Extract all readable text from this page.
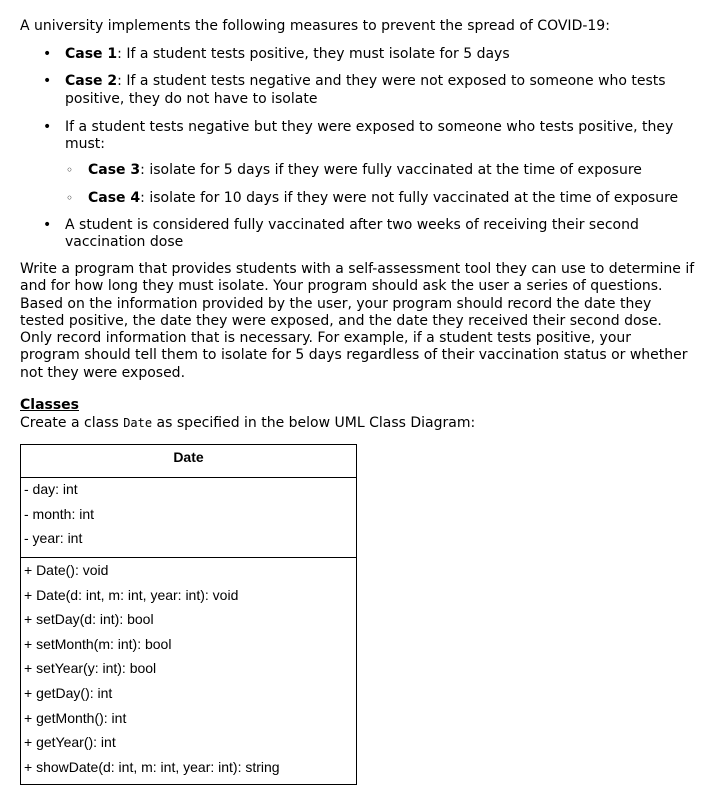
A university implements the following measures to prevent the spread of COVID-19:
• Case 1: If a student tests positive, they must isolate for 5 days
• Case 2: If a student tests negative and they were not exposed to someone who tests
positive, they do not have to isolate
• If a student tests negative but they were exposed to someone who tests positive, they
must:
◦ Case 3: isolate for 5 days if they were fully vaccinated at the time of exposure
◦ Case 4: isolate for 10 days if they were not fully vaccinated at the time of exposure
• A student is considered fully vaccinated after two weeks of receiving their second
vaccination dose
Write a program that provides students with a self-assessment tool they can use to determine if and for how long they must isolate. Your program should ask the user a series of questions. Based on the information provided by the user, your program should record the date they tested positive, the date they were exposed, and the date they received their second dose. Only record information that is necessary. For example, if a student tests positive, your program should tell them to isolate for 5 days regardless of their vaccination status or whether not they were exposed.
Classes
Create a class Date as specified in the below UML Class Diagram:
Date
- day: int
- month: int
- year: int
+ Date(): void
+ Date(d: int, m: int, year: int): void
+ setDay(d: int): bool
+ setMonth(m: int): bool
+ setYear(y: int): bool
+ getDay(): int
+ getMonth(): int
+ getYear(): int
+ showDate(d: int, m: int, year: int): string
